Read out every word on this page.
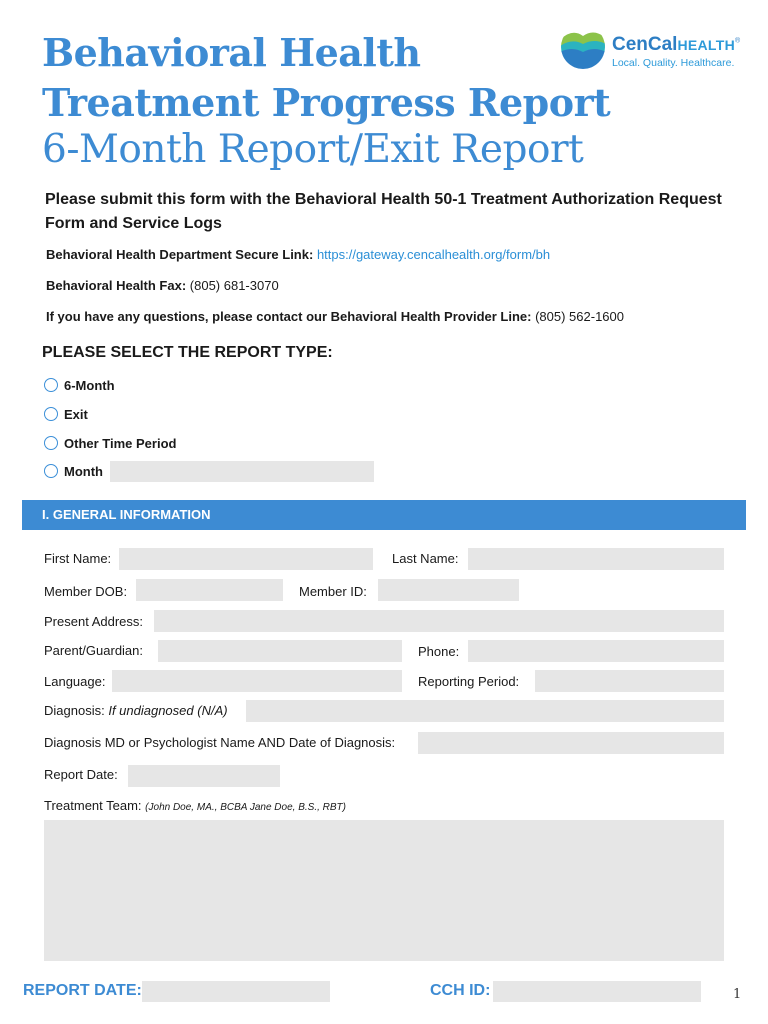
Behavioral Health
Treatment Progress Report
6-Month Report/Exit Report
CenCalHEALTH®
Local. Quality. Healthcare.
Please submit this form with the Behavioral Health 50-1 Treatment Authorization Request Form and Service Logs
Behavioral Health Department Secure Link: https://gateway.cencalhealth.org/form/bh
Behavioral Health Fax: (805) 681-3070
If you have any questions, please contact our Behavioral Health Provider Line: (805) 562-1600
PLEASE SELECT THE REPORT TYPE:
6-Month
Exit
Other Time Period
Month
I. GENERAL INFORMATION
First Name:	Last Name:
Member DOB:	Member ID:
Present Address:
Parent/Guardian:	Phone:
Language:	Reporting Period:
Diagnosis: If undiagnosed (N/A)
Diagnosis MD or Psychologist Name AND Date of Diagnosis:
Report Date:
Treatment Team: (John Doe, MA., BCBA Jane Doe, B.S., RBT)
REPORT DATE:	CCH ID:	1
